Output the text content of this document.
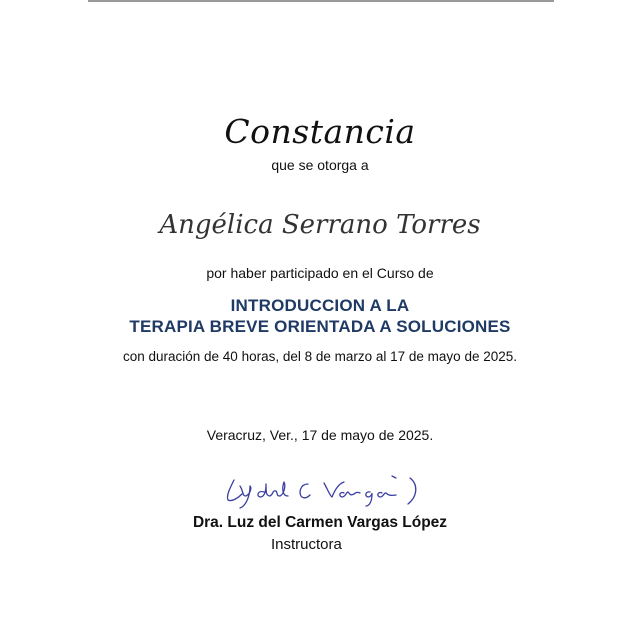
Constancia
que se otorga a
Angélica Serrano Torres
por haber participado en el Curso de
INTRODUCCION A LA
TERAPIA BREVE ORIENTADA A SOLUCIONES
con duración de 40 horas, del 8 de marzo al 17 de mayo de 2025.
Veracruz, Ver., 17 de mayo de 2025.
Dra. Luz del Carmen Vargas López
Instructora
